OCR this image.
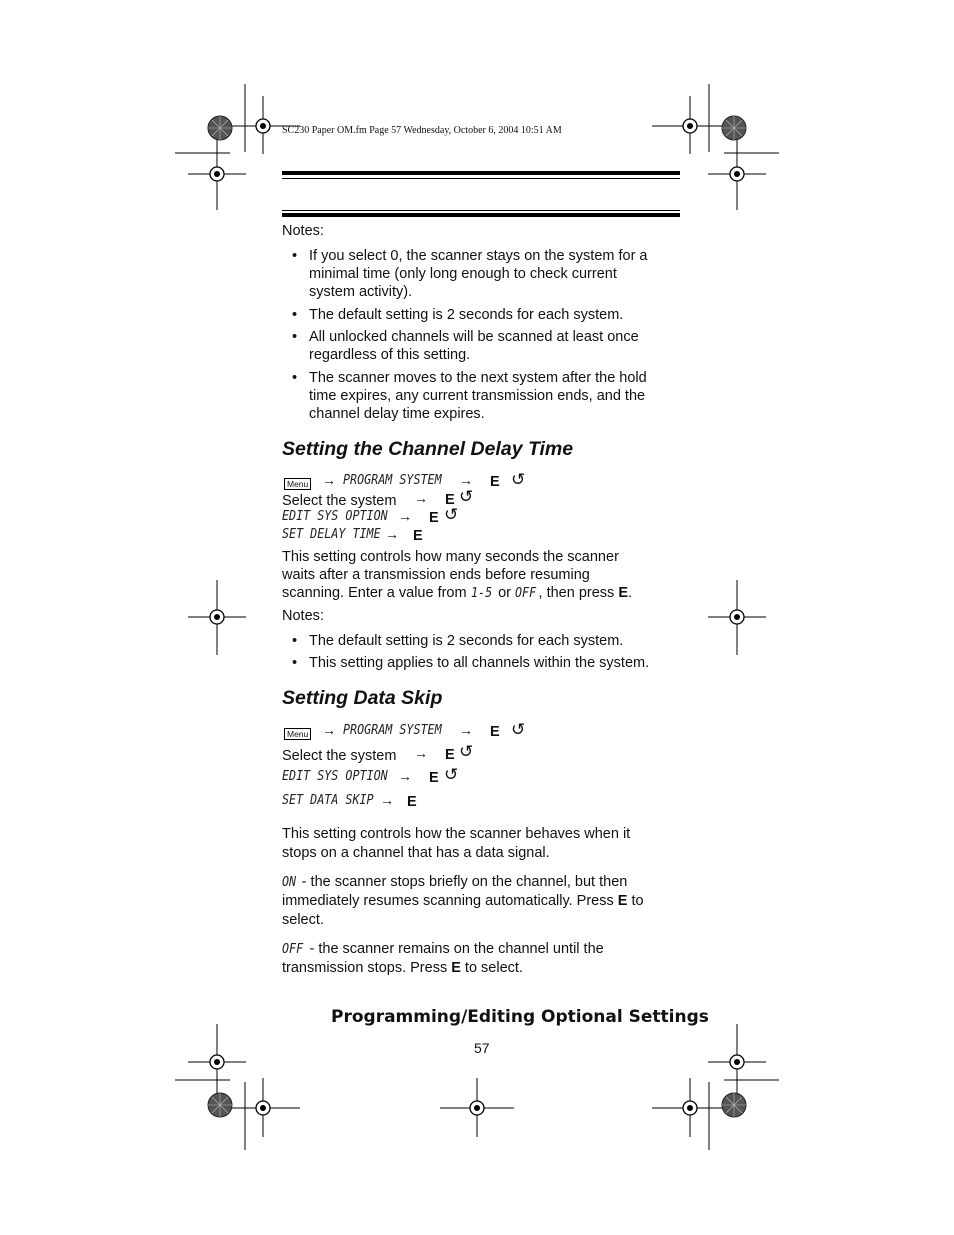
SC230 Paper OM.fm Page 57 Wednesday, October 6, 2004 10:51 AM
Notes:
• If you select 0, the scanner stays on the system for a
minimal time (only long enough to check current
system activity).
• The default setting is 2 seconds for each system.
• All unlocked channels will be scanned at least once
regardless of this setting.
• The scanner moves to the next system after the hold
time expires, any current transmission ends, and the
channel delay time expires.
Setting the Channel Delay Time
Menu → PROGRAM SYSTEM → E ↺
Select the system → E ↺
EDIT SYS OPTION → E ↺
SET DELAY TIME → E
This setting controls how many seconds the scanner
waits after a transmission ends before resuming
scanning. Enter a value from 1-5 or OFF , then press E.
Notes:
• The default setting is 2 seconds for each system.
• This setting applies to all channels within the system.
Setting Data Skip
Menu → PROGRAM SYSTEM → E ↺
Select the system → E ↺
EDIT SYS OPTION → E ↺
SET DATA SKIP → E
This setting controls how the scanner behaves when it
stops on a channel that has a data signal.
ON - the scanner stops briefly on the channel, but then
immediately resumes scanning automatically. Press E to
select.
OFF - the scanner remains on the channel until the
transmission stops. Press E to select.
Programming/Editing Optional Settings
57
